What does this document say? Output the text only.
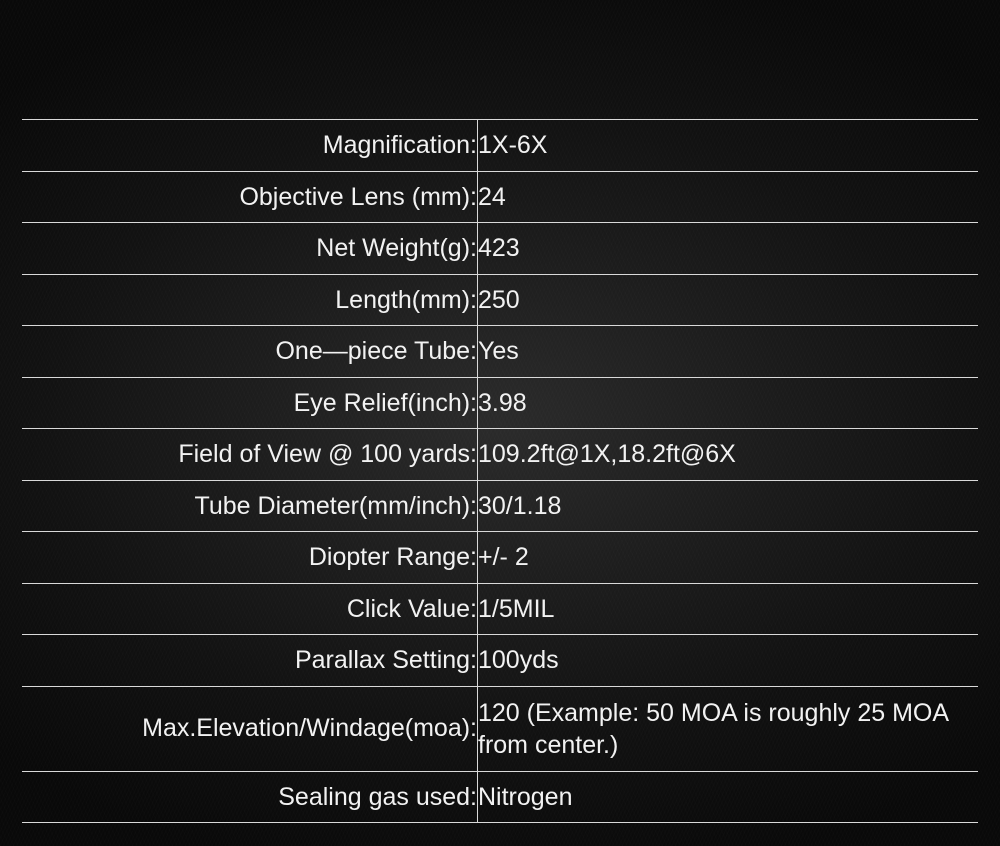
Magnification:	1X-6X
Objective Lens (mm):	24
Net Weight(g):	423
Length(mm):	250
One—piece Tube:	Yes
Eye Relief(inch):	3.98
Field of View @ 100 yards:	109.2ft@1X,18.2ft@6X
Tube Diameter(mm/inch):	30/1.18
Diopter Range:	+/- 2
Click Value:	1/5MIL
Parallax Setting:	100yds
Max.Elevation/Windage(moa):	120 (Example: 50 MOA is roughly 25 MOA from center.)
Sealing gas used:	Nitrogen
